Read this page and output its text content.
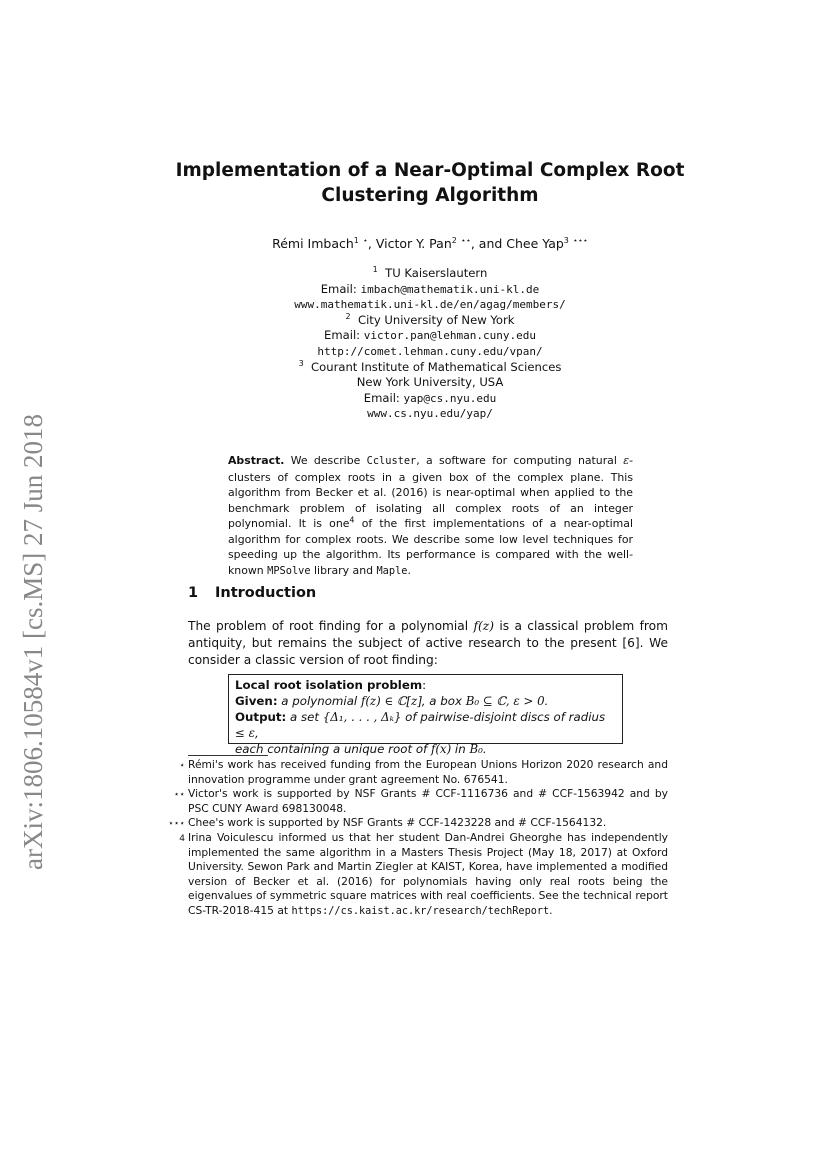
arXiv:1806.10584v1 [cs.MS] 27 Jun 2018
Implementation of a Near-Optimal Complex Root
Clustering Algorithm
Rémi Imbach$^1$ ⋆, Victor Y. Pan$^2$ ⋆⋆, and Chee Yap$^3$ ⋆⋆⋆
$^1$ TU Kaiserslautern
Email: imbach@mathematik.uni-kl.de
www.mathematik.uni-kl.de/en/agag/members/
$^2$ City University of New York
Email: victor.pan@lehman.cuny.edu
http://comet.lehman.cuny.edu/vpan/
$^3$ Courant Institute of Mathematical Sciences
New York University, USA
Email: yap@cs.nyu.edu
www.cs.nyu.edu/yap/
Abstract. We describe Ccluster, a software for computing natural ε-clusters of complex roots in a given box of the complex plane. This algorithm from Becker et al. (2016) is near-optimal when applied to the benchmark problem of isolating all complex roots of an integer polynomial. It is one$^4$ of the first implementations of a near-optimal algorithm for complex roots. We describe some low level techniques for speeding up the algorithm. Its performance is compared with the well-known MPSolve library and Maple.
1 Introduction
The problem of root finding for a polynomial f(z) is a classical problem from antiquity, but remains the subject of active research to the present [6]. We consider a classic version of root finding:
Local root isolation problem:
Given: a polynomial f(z) ∈ ℂ[z], a box B₀ ⊆ ℂ, ε > 0.
Output: a set {Δ₁, . . . , Δₖ} of pairwise-disjoint discs of radius ≤ ε,
each containing a unique root of f(x) in B₀.
⋆ Rémi's work has received funding from the European Unions Horizon 2020 research and innovation programme under grant agreement No. 676541.
⋆⋆ Victor's work is supported by NSF Grants # CCF-1116736 and # CCF-1563942 and by PSC CUNY Award 698130048.
⋆⋆⋆ Chee's work is supported by NSF Grants # CCF-1423228 and # CCF-1564132.
4 Irina Voiculescu informed us that her student Dan-Andrei Gheorghe has independently implemented the same algorithm in a Masters Thesis Project (May 18, 2017) at Oxford University. Sewon Park and Martin Ziegler at KAIST, Korea, have implemented a modified version of Becker et al. (2016) for polynomials having only real roots being the eigenvalues of symmetric square matrices with real coefficients. See the technical report CS-TR-2018-415 at https://cs.kaist.ac.kr/research/techReport.
